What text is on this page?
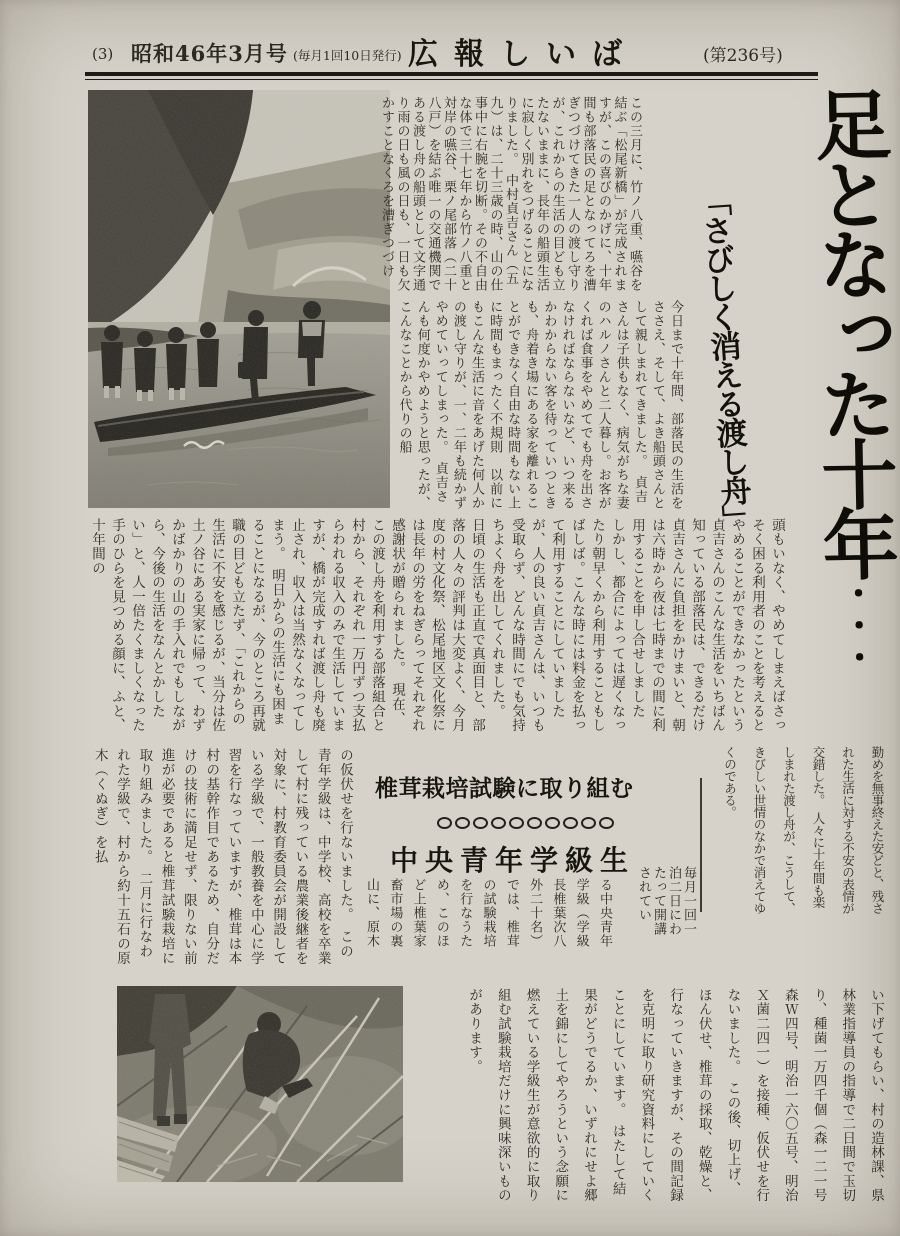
(3) 昭和46年3月号 (毎月1回10日発行) 広報しいば	(第236号)
足となった十年・・・
「さびしく消える渡し舟」
この三月に、竹ノ八重、嚥谷を結ぶ「松尾新橋」が完成されますが、この喜びのかげに、十年間も部落民の足となってろを漕ぎつづけてきた一人の渡し守りが、これからの生活の目ども立たないままに、長年の船頭生活に寂しく別れをつげることになりました。　中村貞吉さん（五九）は、二十三歳の時、山の仕事中に右腕を切断。その不自由な体で三十七年から竹ノ八重と対岸の嚥谷、栗ノ尾部落（二十八戸）を結ぶ唯一の交通機関である渡し舟の船頭として文字通り雨の日も風の日も、一日も欠かすことなくろを漕ぎつづけ
今日まで十年間、部落民の生活をささえ、そして、よき船頭さんとして親しまれてきました。　貞吉さんは子供もなく、病気がちな妻のハルノさんと二人暮し。お客がくれば食事をやめてでも舟を出さなければならないなど、いつ来るかわからない客を待っていつときも、舟着き場にある家を離れることができなく自由な時間もない上に時間もまったく不規則　以前にもこんな生活に音をあげた何人かの渡し守りが、一、二年も続かずやめていってしまった。　貞吉さんも何度かやめようと思ったが、こんなことから代りの船
頭もいなく、やめてしまえばさっそく困る利用者のことを考えるとやめることができなかったという　貞吉さんのこんな生活をいちばん知っている部落民は、できるだけ貞吉さんに負担をかけまいと、朝は六時から夜は七時までの間に利用することを申し合せしました　しかし、都合によっては遅くなったり朝早くから利用することもしばしば。こんな時には料金を払って利用することにしていましたが、人の良い貞吉さんは、いつも受取らず、どんな時間にでも気持ちよく舟を出してくれました。　日頃の生活も正直で真面目と、部落の人々の評判は大変よく、今月度の村文化祭、松尾地区文化祭には長年の労をねぎらってそれぞれ感謝状が贈られました。　現在、この渡し舟を利用する部落組合と村から、それぞれ一万円ずつ支払らわれる収入のみで生活していますが、橋が完成すれば渡し舟も廃止され、収入は当然なくなってしまう。　明日からの生活にも困まることになるが、今のところ再就職の目ども立たず、「これからの生活に不安を感じるが、当分は佐土ノ谷にある実家に帰って、わずかばかりの山の手入れでもしながら、今後の生活をなんとかしたい」と、人一倍たくましくなった手のひらを見つめる顔に、ふと、十年間の
勤めを無事終えた安どと、残された生活に対する不安の表情が交錯した。　人々に十年間も楽しまれた渡し舟が、こうして、きびしい世情のなかで消えてゆくのである。
椎茸栽培試験に取り組む
中央青年学級生
毎月一回一泊二日にわたって開講されてい
る中央青年学級（学級長椎葉次八外二十名）では、椎茸の試験栽培を行なうため、このほど上椎葉家畜市場の裏山に、原木
の仮伏せを行ないました。　この青年学級は、中学校、高校を卒業して村に残っている農業後継者を対象に、村教育委員会が開設している学級で、一般教養を中心に学習を行なっていますが、椎茸は本村の基幹作目であるため、自分だけの技術に満足せず、限りない前進が必要であると椎茸試験栽培に取り組みました。　二月に行なわれた学級で、村から約十五石の原木（くぬぎ）を払
い下げてもらい、村の造林課、県林業指導員の指導で二日間で玉切り、種菌一万四千個（森一二一号森Ｗ四号、明治一六〇五号、明治Ｘ菌二四一）を接種、仮伏せを行ないました。　この後、切上げ、ほん伏せ、椎茸の採取、乾燥と、行なっていきますが、その間記録を克明に取り研究資料にしていくことにしています。　はたして結果がどうでるか、いずれにせよ郷土を錦にしてやろうという念願に燃えている学級生が意欲的に取り組む試験栽培だけに興味深いものがあります。
